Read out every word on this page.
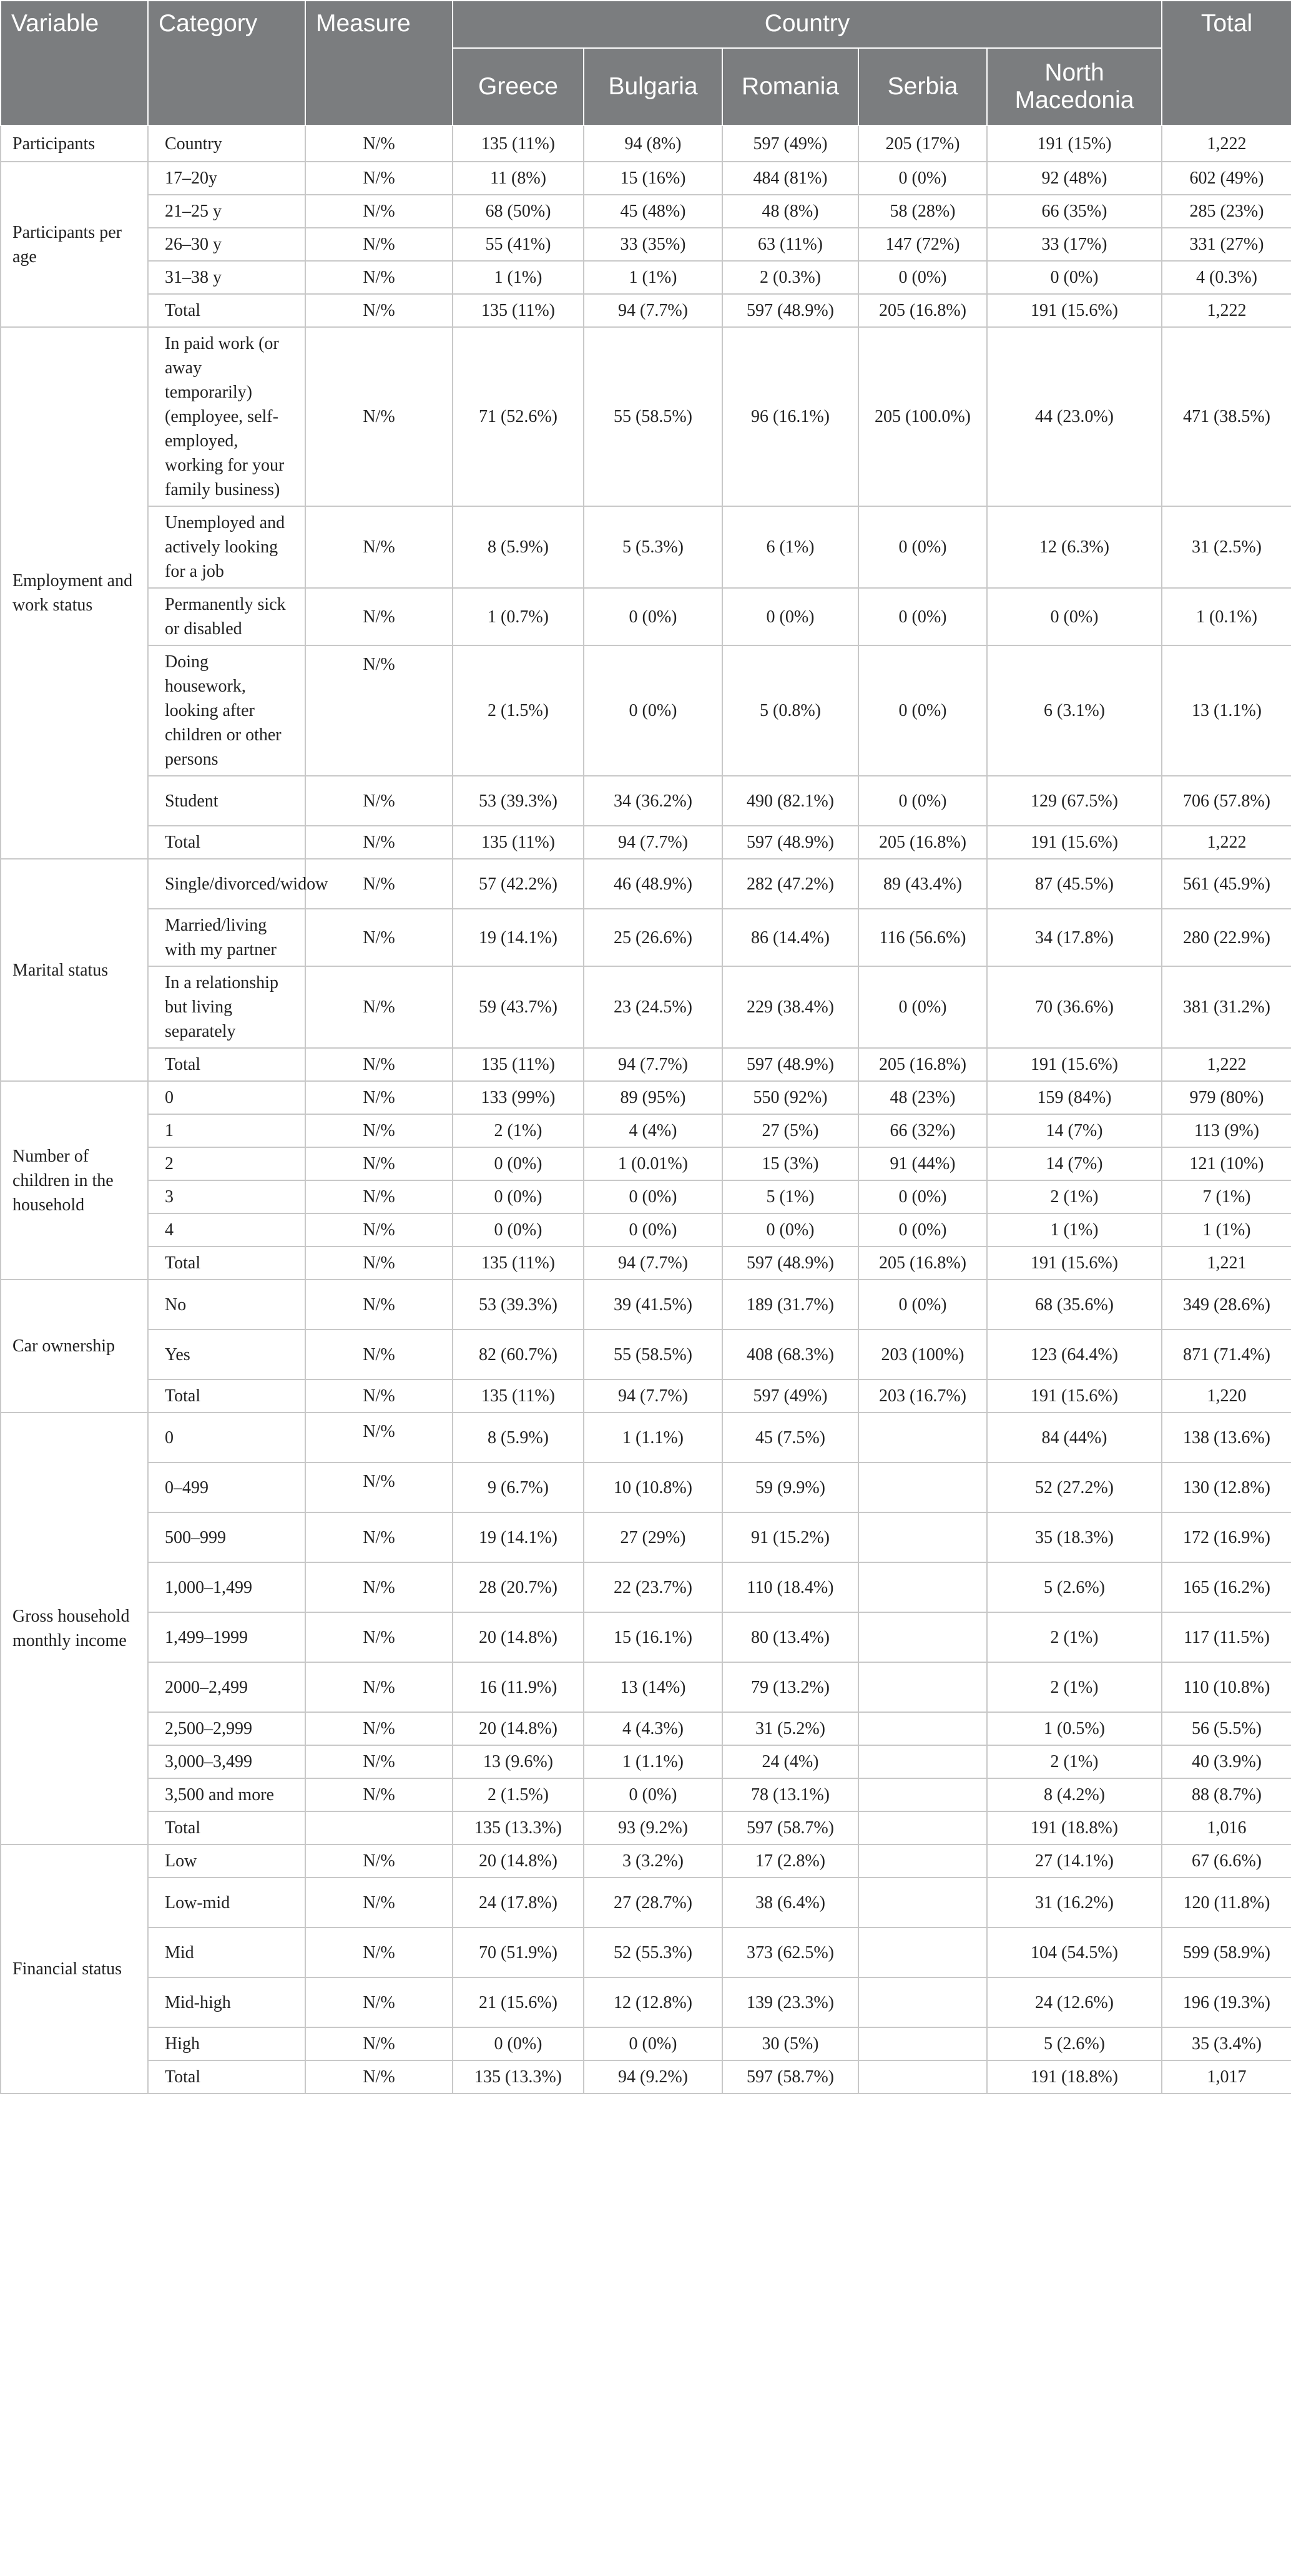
Variable	Category	Measure	Country					Total
			Greece	Bulgaria	Romania	Serbia	North Macedonia	
Participants	Country	N/%	135 (11%)	94 (8%)	597 (49%)	205 (17%)	191 (15%)	1,222
Participants per age	17–20y	N/%	11 (8%)	15 (16%)	484 (81%)	0 (0%)	92 (48%)	602 (49%)
	21–25 y	N/%	68 (50%)	45 (48%)	48 (8%)	58 (28%)	66 (35%)	285 (23%)
	26–30 y	N/%	55 (41%)	33 (35%)	63 (11%)	147 (72%)	33 (17%)	331 (27%)
	31–38 y	N/%	1 (1%)	1 (1%)	2 (0.3%)	0 (0%)	0 (0%)	4 (0.3%)
	Total	N/%	135 (11%)	94 (7.7%)	597 (48.9%)	205 (16.8%)	191 (15.6%)	1,222
Employment and work status	In paid work (or away temporarily) (employee, self-employed, working for your family business)	N/%	71 (52.6%)	55 (58.5%)	96 (16.1%)	205 (100.0%)	44 (23.0%)	471 (38.5%)
	Unemployed and actively looking for a job	N/%	8 (5.9%)	5 (5.3%)	6 (1%)	0 (0%)	12 (6.3%)	31 (2.5%)
	Permanently sick or disabled	N/%	1 (0.7%)	0 (0%)	0 (0%)	0 (0%)	0 (0%)	1 (0.1%)
	Doing housework, looking after children or other persons	N/%	2 (1.5%)	0 (0%)	5 (0.8%)	0 (0%)	6 (3.1%)	13 (1.1%)
	Student	N/%	53 (39.3%)	34 (36.2%)	490 (82.1%)	0 (0%)	129 (67.5%)	706 (57.8%)
	Total	N/%	135 (11%)	94 (7.7%)	597 (48.9%)	205 (16.8%)	191 (15.6%)	1,222
Marital status	Single/divorced/widow	N/%	57 (42.2%)	46 (48.9%)	282 (47.2%)	89 (43.4%)	87 (45.5%)	561 (45.9%)
	Married/living with my partner	N/%	19 (14.1%)	25 (26.6%)	86 (14.4%)	116 (56.6%)	34 (17.8%)	280 (22.9%)
	In a relationship but living separately	N/%	59 (43.7%)	23 (24.5%)	229 (38.4%)	0 (0%)	70 (36.6%)	381 (31.2%)
	Total	N/%	135 (11%)	94 (7.7%)	597 (48.9%)	205 (16.8%)	191 (15.6%)	1,222
Number of children in the household	0	N/%	133 (99%)	89 (95%)	550 (92%)	48 (23%)	159 (84%)	979 (80%)
	1	N/%	2 (1%)	4 (4%)	27 (5%)	66 (32%)	14 (7%)	113 (9%)
	2	N/%	0 (0%)	1 (0.01%)	15 (3%)	91 (44%)	14 (7%)	121 (10%)
	3	N/%	0 (0%)	0 (0%)	5 (1%)	0 (0%)	2 (1%)	7 (1%)
	4	N/%	0 (0%)	0 (0%)	0 (0%)	0 (0%)	1 (1%)	1 (1%)
	Total	N/%	135 (11%)	94 (7.7%)	597 (48.9%)	205 (16.8%)	191 (15.6%)	1,221
Car ownership	No	N/%	53 (39.3%)	39 (41.5%)	189 (31.7%)	0 (0%)	68 (35.6%)	349 (28.6%)
	Yes	N/%	82 (60.7%)	55 (58.5%)	408 (68.3%)	203 (100%)	123 (64.4%)	871 (71.4%)
	Total	N/%	135 (11%)	94 (7.7%)	597 (49%)	203 (16.7%)	191 (15.6%)	1,220
Gross household monthly income	0	N/%	8 (5.9%)	1 (1.1%)	45 (7.5%)		84 (44%)	138 (13.6%)
	0–499	N/%	9 (6.7%)	10 (10.8%)	59 (9.9%)		52 (27.2%)	130 (12.8%)
	500–999	N/%	19 (14.1%)	27 (29%)	91 (15.2%)		35 (18.3%)	172 (16.9%)
	1,000–1,499	N/%	28 (20.7%)	22 (23.7%)	110 (18.4%)		5 (2.6%)	165 (16.2%)
	1,499–1999	N/%	20 (14.8%)	15 (16.1%)	80 (13.4%)		2 (1%)	117 (11.5%)
	2000–2,499	N/%	16 (11.9%)	13 (14%)	79 (13.2%)		2 (1%)	110 (10.8%)
	2,500–2,999	N/%	20 (14.8%)	4 (4.3%)	31 (5.2%)		1 (0.5%)	56 (5.5%)
	3,000–3,499	N/%	13 (9.6%)	1 (1.1%)	24 (4%)		2 (1%)	40 (3.9%)
	3,500 and more	N/%	2 (1.5%)	0 (0%)	78 (13.1%)		8 (4.2%)	88 (8.7%)
	Total		135 (13.3%)	93 (9.2%)	597 (58.7%)		191 (18.8%)	1,016
Financial status	Low	N/%	20 (14.8%)	3 (3.2%)	17 (2.8%)		27 (14.1%)	67 (6.6%)
	Low-mid	N/%	24 (17.8%)	27 (28.7%)	38 (6.4%)		31 (16.2%)	120 (11.8%)
	Mid	N/%	70 (51.9%)	52 (55.3%)	373 (62.5%)		104 (54.5%)	599 (58.9%)
	Mid-high	N/%	21 (15.6%)	12 (12.8%)	139 (23.3%)		24 (12.6%)	196 (19.3%)
	High	N/%	0 (0%)	0 (0%)	30 (5%)		5 (2.6%)	35 (3.4%)
	Total	N/%	135 (13.3%)	94 (9.2%)	597 (58.7%)		191 (18.8%)	1,017
